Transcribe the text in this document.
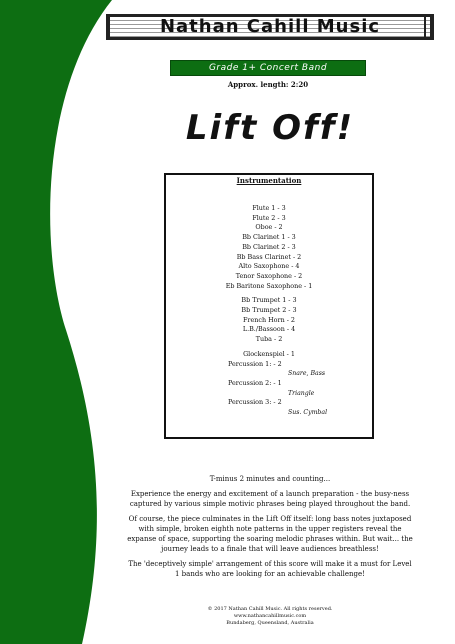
Nathan Cahill Music
Grade 1+ Concert Band
Approx. length: 2:20
Lift Off!
Instrumentation
Flute 1 - 3
Flute 2 - 3
Oboe - 2
Bb Clarinet 1 - 3
Bb Clarinet 2 - 3
Bb Bass Clarinet - 2
Alto Saxophone - 4
Tenor Saxophone - 2
Eb Baritone Saxophone - 1
Bb Trumpet 1 - 3
Bb Trumpet 2 - 3
French Horn - 2
L.B./Bassoon - 4
Tuba - 2
Glockenspiel - 1
Percussion 1: - 2
Snare, Bass
Percussion 2: - 1
Triangle
Percussion 3: - 2
Sus. Cymbal

T-minus 2 minutes and counting...

Experience the energy and excitement of a launch preparation - the busy-ness captured by various simple motivic phrases being played throughout the band.

Of course, the piece culminates in the Lift Off itself: long bass notes juxtaposed with simple, broken eighth note patterns in the upper registers reveal the expanse of space, supporting the soaring melodic phrases within. But wait... the journey leads to a finale that will leave audiences breathless!

The 'deceptively simple' arrangement of this score will make it a must for Level 1 bands who are looking for an achievable challenge!

© 2017 Nathan Cahill Music. All rights reserved.
www.nathancahillmusic.com
Bundaberg, Queensland, Australia
